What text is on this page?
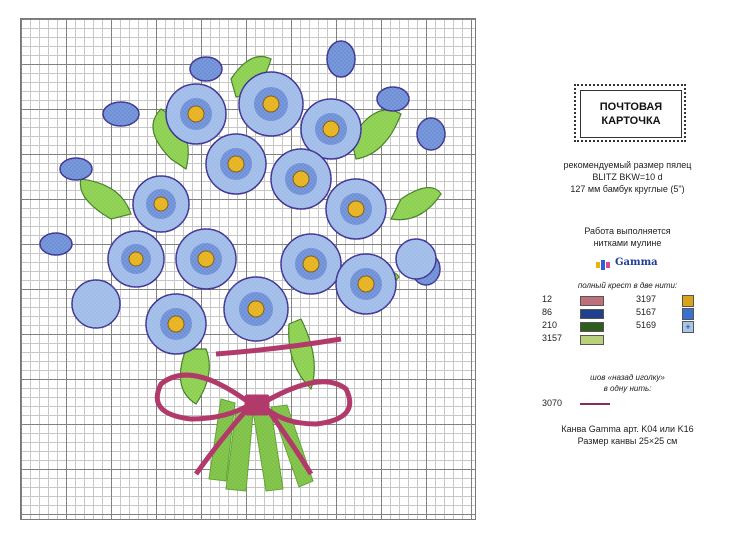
ПОЧТОВАЯ
КАРТОЧКА
рекомендуемый размер пялец
BLITZ BKW=10 d
127 мм бамбук круглые (5")
Работа выполняется
нитками мулине
Gamma
полный крест в две нити:
12	3197
86	5167
210	5169	+
3157
шов «назад иголку»
в одну нить:
3070
Канва Gamma арт. K04 или K16
Размер канвы 25×25 см
